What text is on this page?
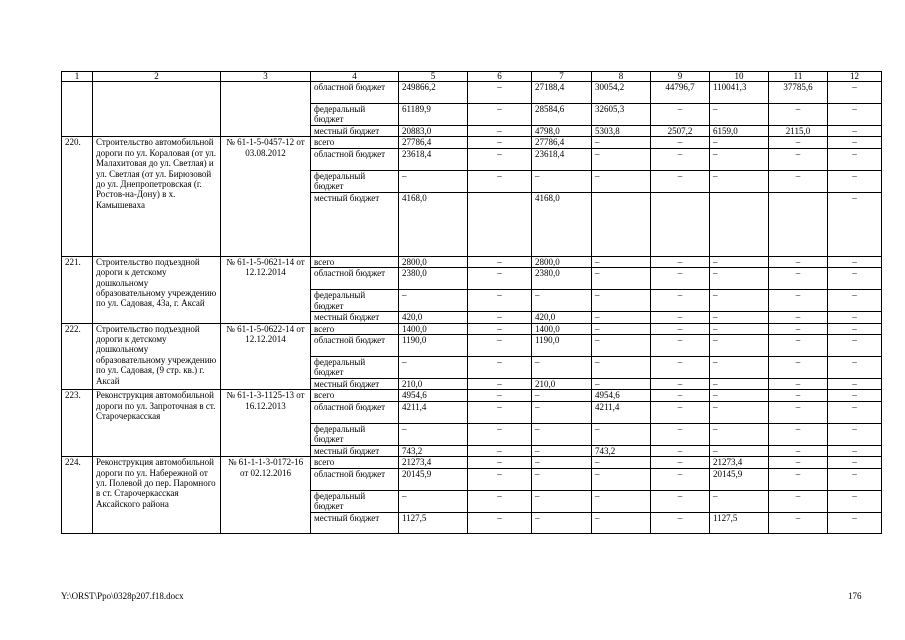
1	2	3	4	5	6	7	8	9	10	11	12
			областной бюджет	249866,2	–	27188,4	30054,2	44796,7	110041,3	37785,6	–
			федеральный бюджет	61189,9	–	28584,6	32605,3	–	–	–	–
			местный бюджет	20883,0	–	4798,0	5303,8	2507,2	6159,0	2115,0	–
220.	Строительство автомобильной дороги по ул. Кораловая (от ул. Малахитовая до ул. Светлая) и ул. Светлая (от ул. Бирюзовой до ул. Днепропетровская (г. Ростов-на-Дону) в х. Камышеваха	№ 61-1-5-0457-12 от 03.08.2012	всего	27786,4	–	27786,4	–	–	–	–	–
			областной бюджет	23618,4	–	23618,4	–	–	–	–	–
			федеральный бюджет	–	–	–	–	–	–	–	–
			местный бюджет	4168,0		4168,0					–
221.	Строительство подъездной дороги к детскому дошкольному образовательному учреждению по ул. Садовая, 43а, г. Аксай	№ 61-1-5-0621-14 от 12.12.2014	всего	2800,0	–	2800,0	–	–	–	–	–
			областной бюджет	2380,0	–	2380,0	–	–	–	–	–
			федеральный бюджет	–	–	–	–	–	–	–	–
			местный бюджет	420,0	–	420,0	–	–	–	–	–
222.	Строительство подъездной дороги к детскому дошкольному образовательному учреждению по ул. Садовая, (9 стр. кв.) г. Аксай	№ 61-1-5-0622-14 от 12.12.2014	всего	1400,0	–	1400,0	–	–	–	–	–
			областной бюджет	1190,0	–	1190,0	–	–	–	–	–
			федеральный бюджет	–	–	–	–	–	–	–	–
			местный бюджет	210,0	–	210,0	–	–	–	–	–
223.	Реконструкция автомобильной дороги по ул. Запроточная в ст. Старочеркасская	№ 61-1-3-1125-13 от 16.12.2013	всего	4954,6	–	–	4954,6	–	–	–	–
			областной бюджет	4211,4	–	–	4211,4	–	–	–	–
			федеральный бюджет	–	–	–	–	–	–	–	–
			местный бюджет	743,2	–	–	743,2	–	–	–	–
224.	Реконструкция автомобильной дороги по ул. Набережной от ул. Полевой до пер. Паромного в ст. Старочеркасская Аксайского района	№ 61-1-1-3-0172-16 от 02.12.2016	всего	21273,4	–	–	–	–	21273,4	–	–
			областной бюджет	20145,9	–	–	–	–	20145,9	–	–
			федеральный бюджет	–	–	–	–	–	–	–	–
			местный бюджет	1127,5	–	–	–	–	1127,5	–	–
Y:\ORST\Ppo\0328p207.f18.docx	176
